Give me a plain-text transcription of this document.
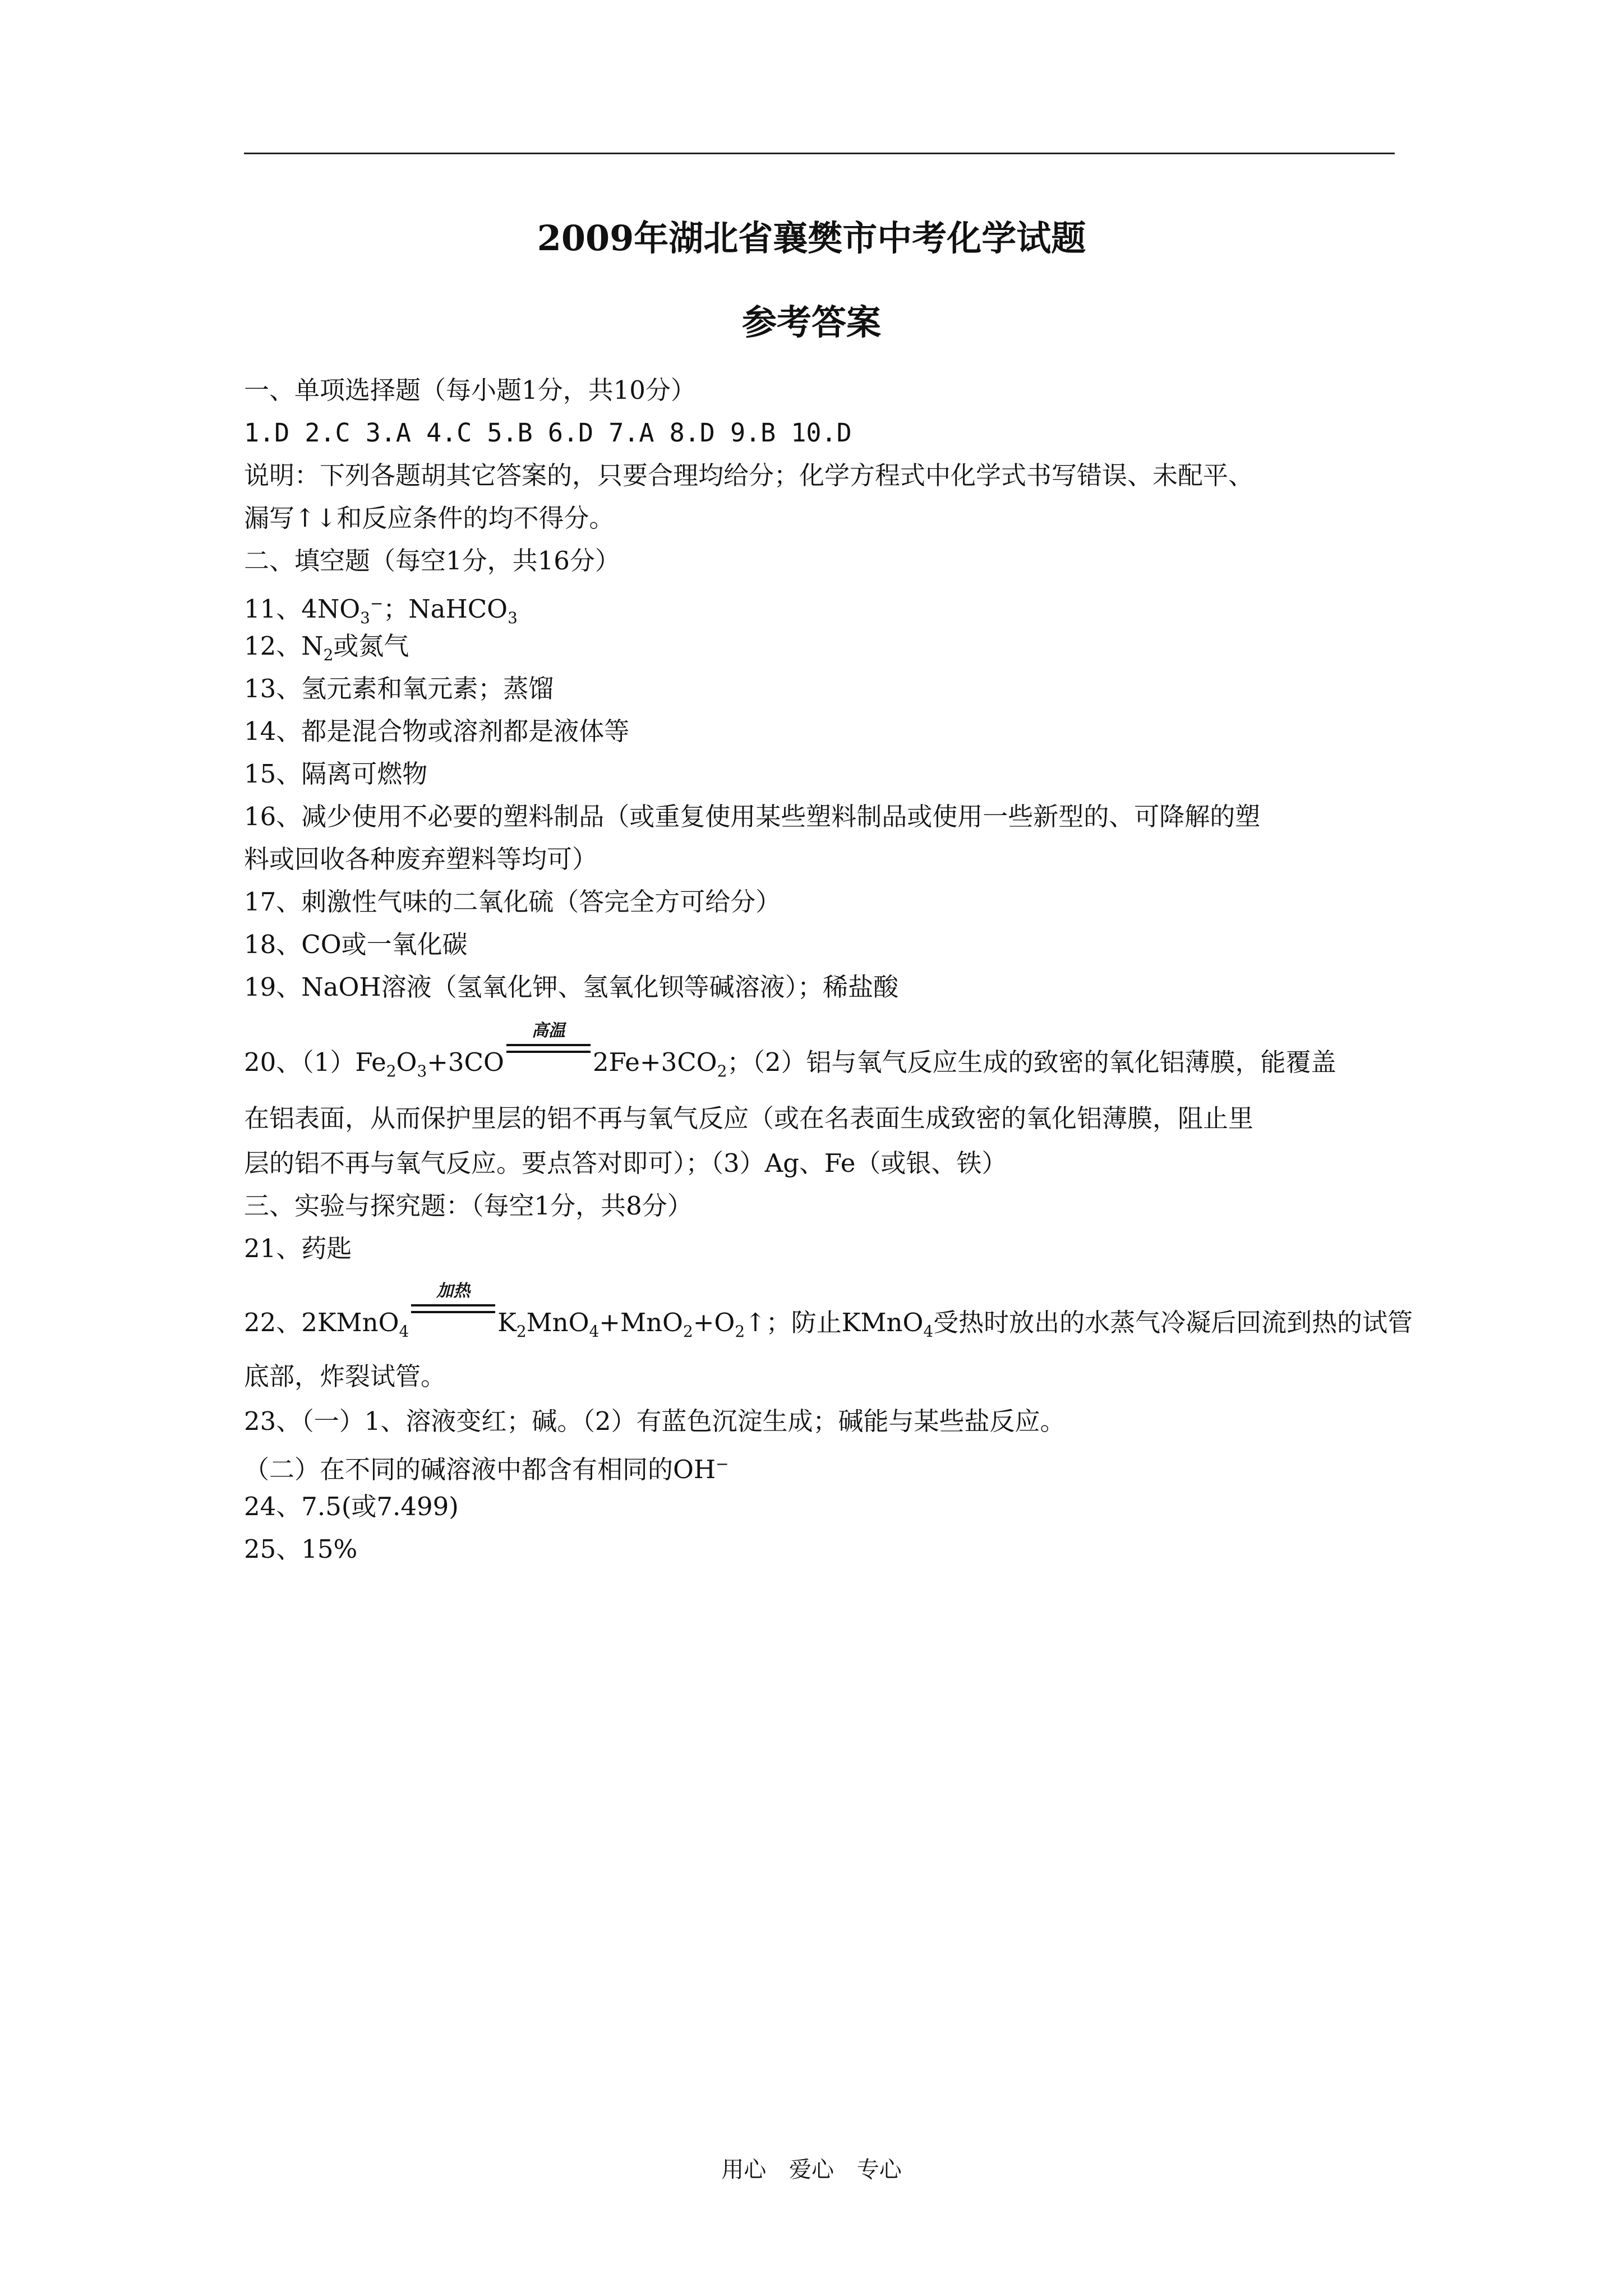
2009年湖北省襄樊市中考化学试题
参考答案
一、单项选择题（每小题1分，共10分）
1.D 2.C 3.A 4.C 5.B 6.D 7.A 8.D 9.B 10.D
说明：下列各题胡其它答案的，只要合理均给分；化学方程式中化学式书写错误、未配平、
漏写↑↓和反应条件的均不得分。
二、填空题（每空1分，共16分）
11、$4NO_3^-$；NaHCO$_3$
12、$N_2$或氮气
13、氢元素和氧元素；蒸馏
14、都是混合物或溶剂都是液体等
15、隔离可燃物
16、减少使用不必要的塑料制品（或重复使用某些塑料制品或使用一些新型的、可降解的塑
料或回收各种废弃塑料等均可）
17、刺激性气味的二氧化硫（答完全方可给分）
18、CO或一氧化碳
19、NaOH溶液（氢氧化钾、氢氧化钡等碱溶液）；稀盐酸
20、$(1)Fe_2O_3+3CO$
高温
$2Fe+3CO_2$；（2）铝与氧气反应生成的致密的氧化铝薄膜，能覆盖
在铝表面，从而保护里层的铝不再与氧气反应（或在名表面生成致密的氧化铝薄膜，阻止里
层的铝不再与氧气反应。要点答对即可）；（3）Ag、Fe（或银、铁）
三、实验与探究题：（每空1分，共8分）
21、药匙
22、2KMnO$_4$
加热
$K_2MnO_4+MnO_2+O_2↑$；防止KMnO$_4$受热时放出的水蒸气冷凝后回流到热的试管
底部，炸裂试管。
23、（一）1、溶液变红；碱。（2）有蓝色沉淀生成；碱能与某些盐反应。
（二）在不同的碱溶液中都含有相同的OH−
24、7.5(或7.499)
25、15%
用心 爱心 专心
